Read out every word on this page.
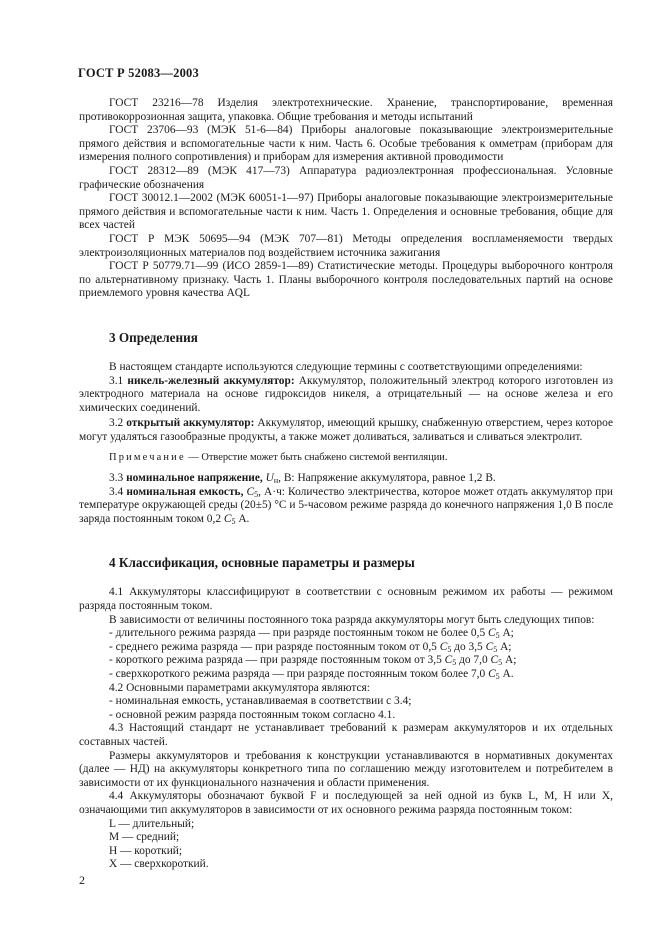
ГОСТ Р 52083—2003

ГОСТ 23216—78 Изделия электротехнические. Хранение, транспортирование, временная противокоррозионная защита, упаковка. Общие требования и методы испытаний

ГОСТ 23706—93 (МЭК 51-6—84) Приборы аналоговые показывающие электроизмерительные прямого действия и вспомогательные части к ним. Часть 6. Особые требования к омметрам (приборам для измерения полного сопротивления) и приборам для измерения активной проводимости

ГОСТ 28312—89 (МЭК 417—73) Аппаратура радиоэлектронная профессиональная. Условные графические обозначения

ГОСТ 30012.1—2002 (МЭК 60051-1—97) Приборы аналоговые показывающие электроизмерительные прямого действия и вспомогательные части к ним. Часть 1. Определения и основные требования, общие для всех частей

ГОСТ Р МЭК 50695—94 (МЭК 707—81) Методы определения воспламеняемости твердых электроизоляционных материалов под воздействием источника зажигания

ГОСТ Р 50779.71—99 (ИСО 2859-1—89) Статистические методы. Процедуры выборочного контроля по альтернативному признаку. Часть 1. Планы выборочного контроля последовательных партий на основе приемлемого уровня качества AQL

3 Определения

В настоящем стандарте используются следующие термины с соответствующими определениями:

3.1 никель-железный аккумулятор: Аккумулятор, положительный электрод которого изготовлен из электродного материала на основе гидроксидов никеля, а отрицательный — на основе железа и его химических соединений.

3.2 открытый аккумулятор: Аккумулятор, имеющий крышку, снабженную отверстием, через которое могут удаляться газообразные продукты, а также может доливаться, заливаться и сливаться электролит.

Примечание — Отверстие может быть снабжено системой вентиляции.

3.3 номинальное напряжение, $U_н$, В: Напряжение аккумулятора, равное 1,2 В.

3.4 номинальная емкость, $C_5$, А·ч: Количество электричества, которое может отдать аккумулятор при температуре окружающей среды (20±5) °С и 5-часовом режиме разряда до конечного напряжения 1,0 В после заряда постоянным током 0,2 $C_5$ А.

4 Классификация, основные параметры и размеры

4.1 Аккумуляторы классифицируют в соответствии с основным режимом их работы — режимом разряда постоянным током.

В зависимости от величины постоянного тока разряда аккумуляторы могут быть следующих типов:

- длительного режима разряда — при разряде постоянным током не более 0,5 $C_5$ А;

- среднего режима разряда — при разряде постоянным током от 0,5 $C_5$ до 3,5 $C_5$ А;

- короткого режима разряда — при разряде постоянным током от 3,5 $C_5$ до 7,0 $C_5$ А;

- сверхкороткого режима разряда — при разряде постоянным током более 7,0 $C_5$ А.

4.2 Основными параметрами аккумулятора являются:

- номинальная емкость, устанавливаемая в соответствии с 3.4;

- основной режим разряда постоянным током согласно 4.1.

4.3 Настоящий стандарт не устанавливает требований к размерам аккумуляторов и их отдельных составных частей.

Размеры аккумуляторов и требования к конструкции устанавливаются в нормативных документах (далее — НД) на аккумуляторы конкретного типа по соглашению между изготовителем и потребителем в зависимости от их функционального назначения и области применения.

4.4 Аккумуляторы обозначают буквой F и последующей за ней одной из букв L, M, H или X, означающими тип аккумуляторов в зависимости от их основного режима разряда постоянным током:

L — длительный;

М — средний;

Н — короткий;

Х — сверхкороткий.

2
